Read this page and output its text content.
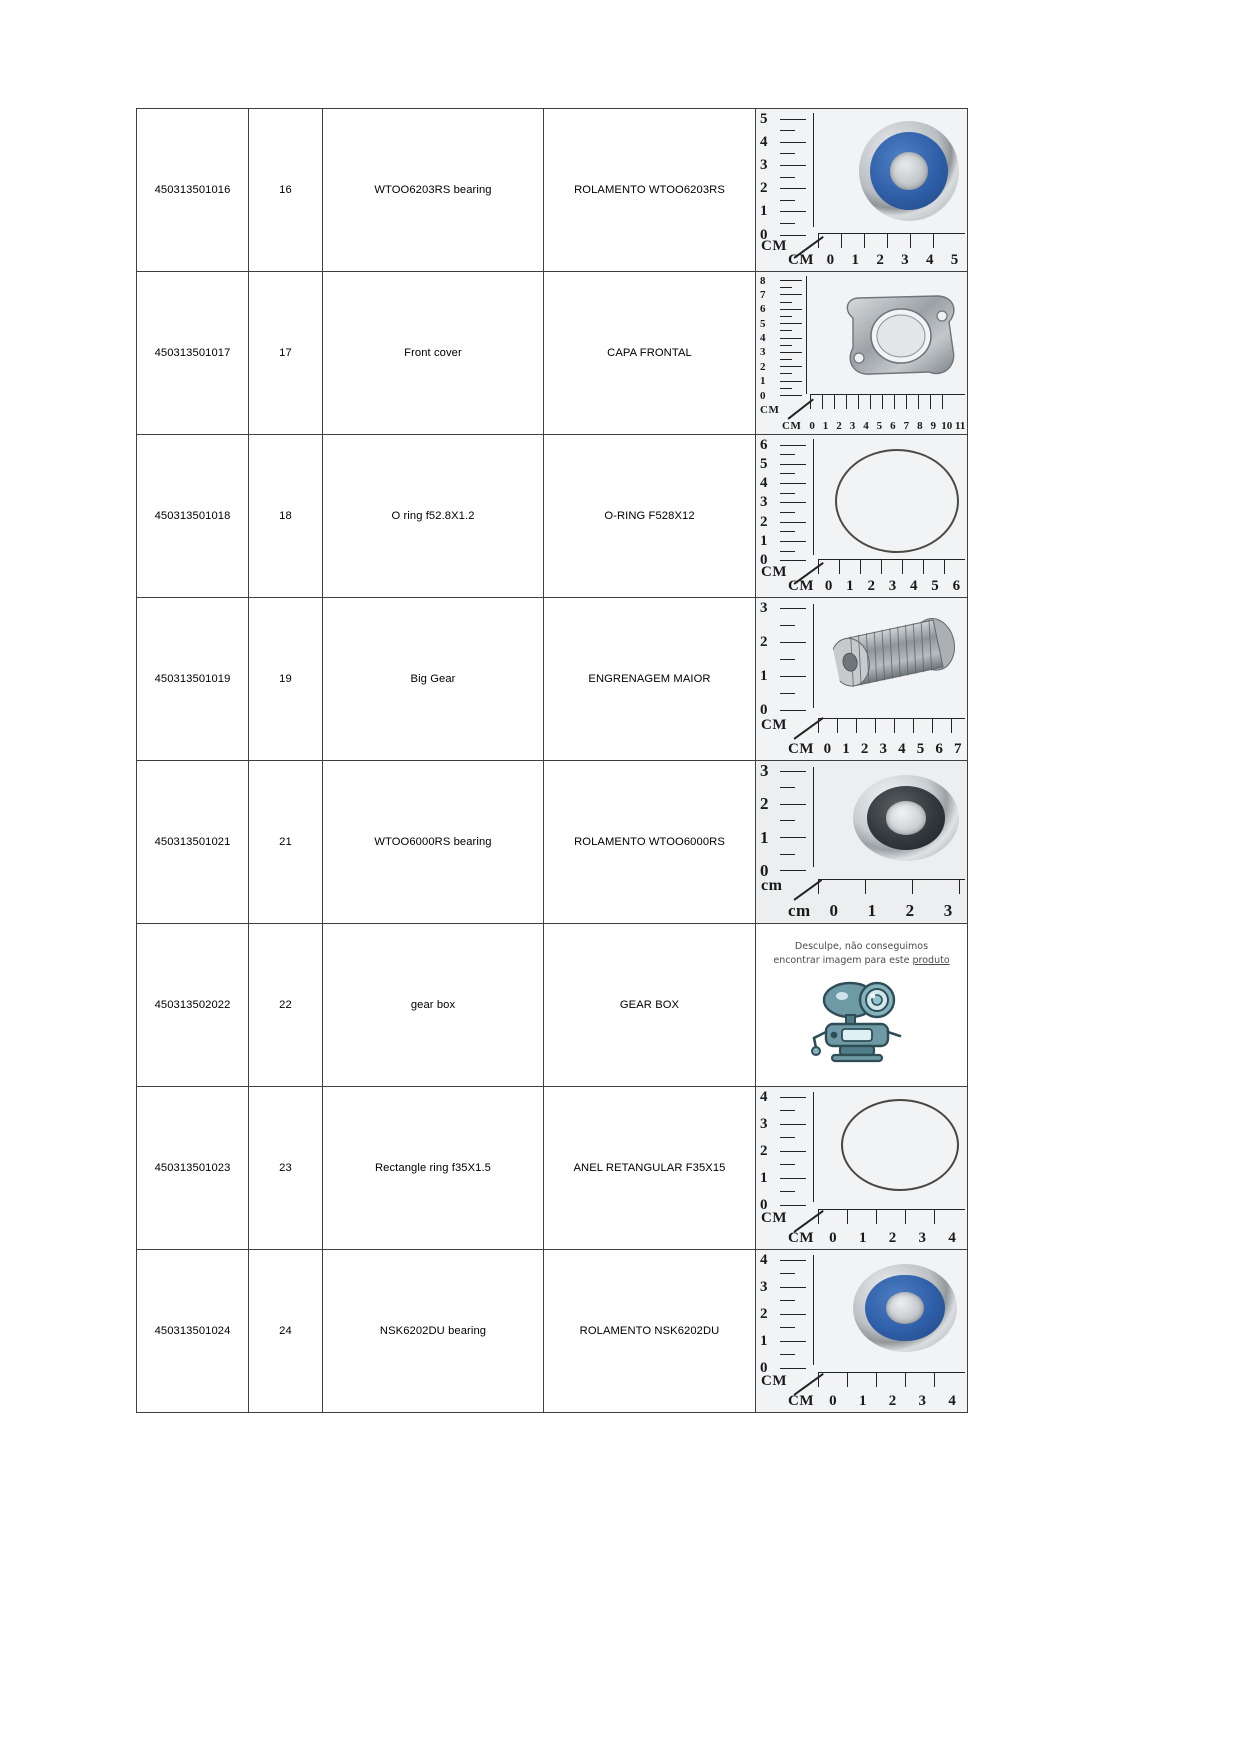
450313501016	16	WTOO6203RS bearing	ROLAMENTO WTOO6203RS	
5
4
3
2
1
0
CM
CM 0	1	2	3	4	5

450313501017	17	Front cover	CAPA FRONTAL	
8
7
6
5
4
3
2
1
0
CM
CM 0 1 2 3 4 5 6 7 8 9 10 11

450313501018	18	O ring f52.8X1.2	O-RING F528X12	
6
5
4
3
2
1
0
CM
CM 0 1 2 3 4 5 6

450313501019	19	Big Gear	ENGRENAGEM MAIOR	
3
2
1
0
CM
CM 0 1 2 3 4 5 6 7

450313501021	21	WTOO6000RS bearing	ROLAMENTO WTOO6000RS	
3
2
1
0
cm
cm	0	1	2	3

450313502022	22	gear box	GEAR BOX	Desculpe, não conseguimos
encontrar imagem para este produto

450313501023	23	Rectangle ring f35X1.5	ANEL RETANGULAR F35X15	
4
3
2
1
0
CM
CM	0	1	2	3	4

450313501024	24	NSK6202DU bearing	ROLAMENTO NSK6202DU	
4
3
2
1
0
CM
CM	0	1	2	3	4
